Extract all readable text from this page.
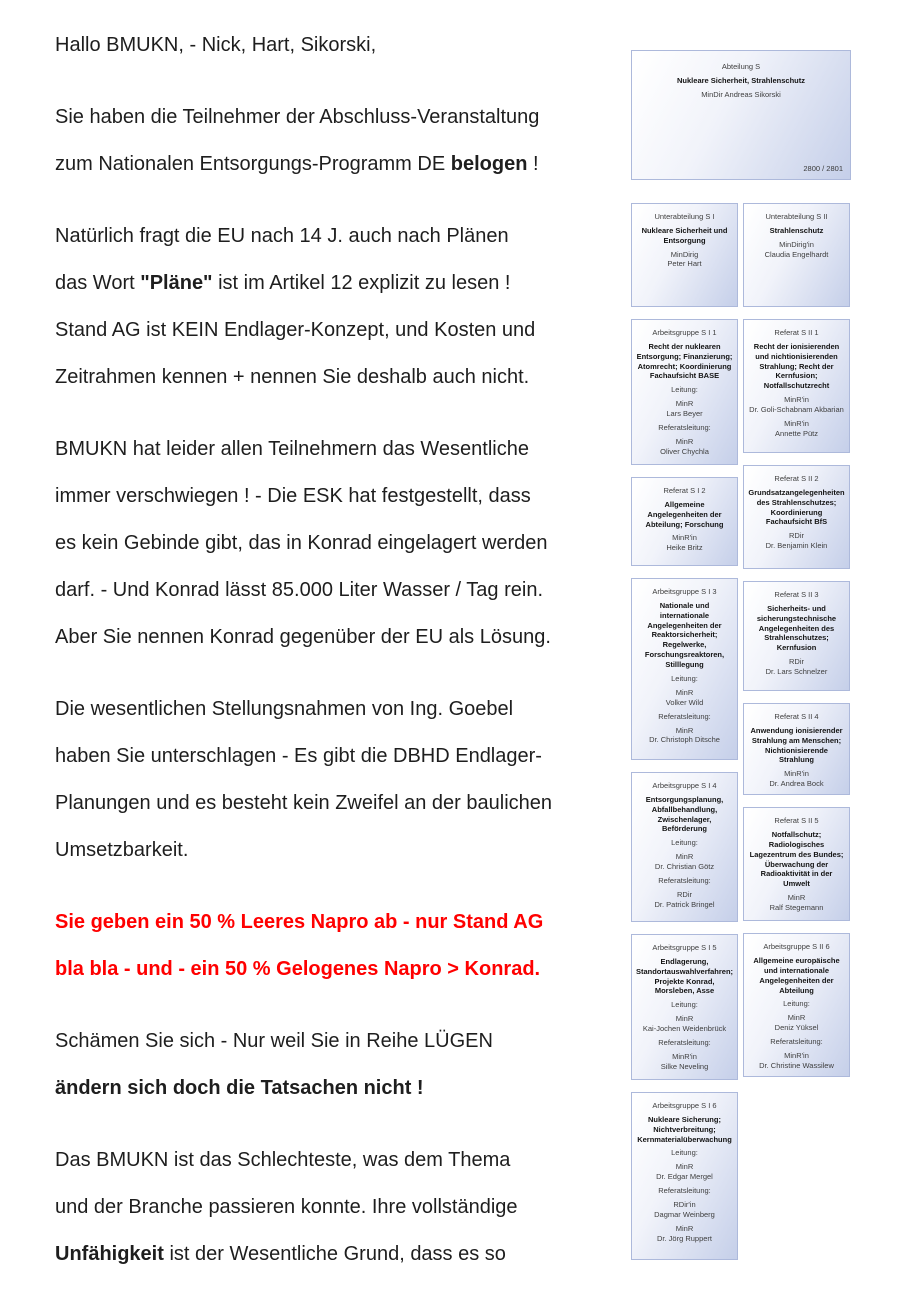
Hallo BMUKN, - Nick, Hart, Sikorski,
Sie haben die Teilnehmer der Abschluss-Veranstaltung
zum Nationalen Entsorgungs-Programm DE belogen !
Natürlich fragt die EU nach 14 J. auch nach Plänen
das Wort "Pläne" ist im Artikel 12 explizit zu lesen !
Stand AG ist KEIN Endlager-Konzept, und Kosten und
Zeitrahmen kennen + nennen Sie deshalb auch nicht.
BMUKN hat leider allen Teilnehmern das Wesentliche
immer verschwiegen ! - Die ESK hat festgestellt, dass
es kein Gebinde gibt, das in Konrad eingelagert werden
darf. - Und Konrad lässt 85.000 Liter Wasser / Tag rein.
Aber Sie nennen Konrad gegenüber der EU als Lösung.
Die wesentlichen Stellungsnahmen von Ing. Goebel
haben Sie unterschlagen - Es gibt die DBHD Endlager-
Planungen und es besteht kein Zweifel an der baulichen
Umsetzbarkeit.
Sie geben ein 50 % Leeres Napro ab - nur Stand AG
bla bla - und - ein 50 % Gelogenes Napro > Konrad.
Schämen Sie sich - Nur weil Sie in Reihe LÜGEN
ändern sich doch die Tatsachen nicht !
Das BMUKN ist das Schlechteste, was dem Thema
und der Branche passieren konnte. Ihre vollständige
Unfähigkeit ist der Wesentliche Grund, dass es so
Abteilung S
Nukleare Sicherheit, Strahlenschutz
MinDir Andreas Sikorski
2800 / 2801
Unterabteilung S I
Nukleare Sicherheit und Entsorgung
MinDirig
Peter Hart
Arbeitsgruppe S I 1
Recht der nuklearen Entsorgung; Finanzierung; Atomrecht; Koordinierung Fachaufsicht BASE
Leitung:
MinR
Lars Beyer
Referatsleitung:
MinR
Oliver Chychla
Referat S I 2
Allgemeine Angelegenheiten der Abteilung; Forschung
MinR'in
Heike Britz
Arbeitsgruppe S I 3
Nationale und internationale Angelegenheiten der Reaktorsicherheit; Regelwerke, Forschungsreaktoren, Stilllegung
Leitung:
MinR
Volker Wild
Referatsleitung:
MinR
Dr. Christoph Ditsche
Arbeitsgruppe S I 4
Entsorgungsplanung, Abfallbehandlung, Zwischenlager, Beförderung
Leitung:
MinR
Dr. Christian Götz
Referatsleitung:
RDir
Dr. Patrick Bringel
Arbeitsgruppe S I 5
Endlagerung, Standortauswahlverfahren; Projekte Konrad, Morsleben, Asse
Leitung:
MinR
Kai-Jochen Weidenbrück
Referatsleitung:
MinR'in
Silke Neveling
Arbeitsgruppe S I 6
Nukleare Sicherung; Nichtverbreitung; Kernmaterialüberwachung
Leitung:
MinR
Dr. Edgar Mergel
Referatsleitung:
RDir'in
Dagmar Weinberg
MinR
Dr. Jörg Ruppert
Unterabteilung S II
Strahlenschutz
MinDirig'in
Claudia Engelhardt
Referat S II 1
Recht der ionisierenden und nichtionisierenden Strahlung; Recht der Kernfusion; Notfallschutzrecht
MinR'in
Dr. Goli-Schabnam Akbarian
MinR'in
Annette Pütz
Referat S II 2
Grundsatzangelegenheiten des Strahlenschutzes; Koordinierung Fachaufsicht BfS
RDir
Dr. Benjamin Klein
Referat S II 3
Sicherheits- und sicherungstechnische Angelegenheiten des Strahlenschutzes; Kernfusion
RDir
Dr. Lars Schnelzer
Referat S II 4
Anwendung ionisierender Strahlung am Menschen; Nichtionisierende Strahlung
MinR'in
Dr. Andrea Bock
Referat S II 5
Notfallschutz; Radiologisches Lagezentrum des Bundes; Überwachung der Radioaktivität in der Umwelt
MinR
Ralf Stegemann
Arbeitsgruppe S II 6
Allgemeine europäische und internationale Angelegenheiten der Abteilung
Leitung:
MinR
Deniz Yüksel
Referatsleitung:
MinR'in
Dr. Christine Wassilew
